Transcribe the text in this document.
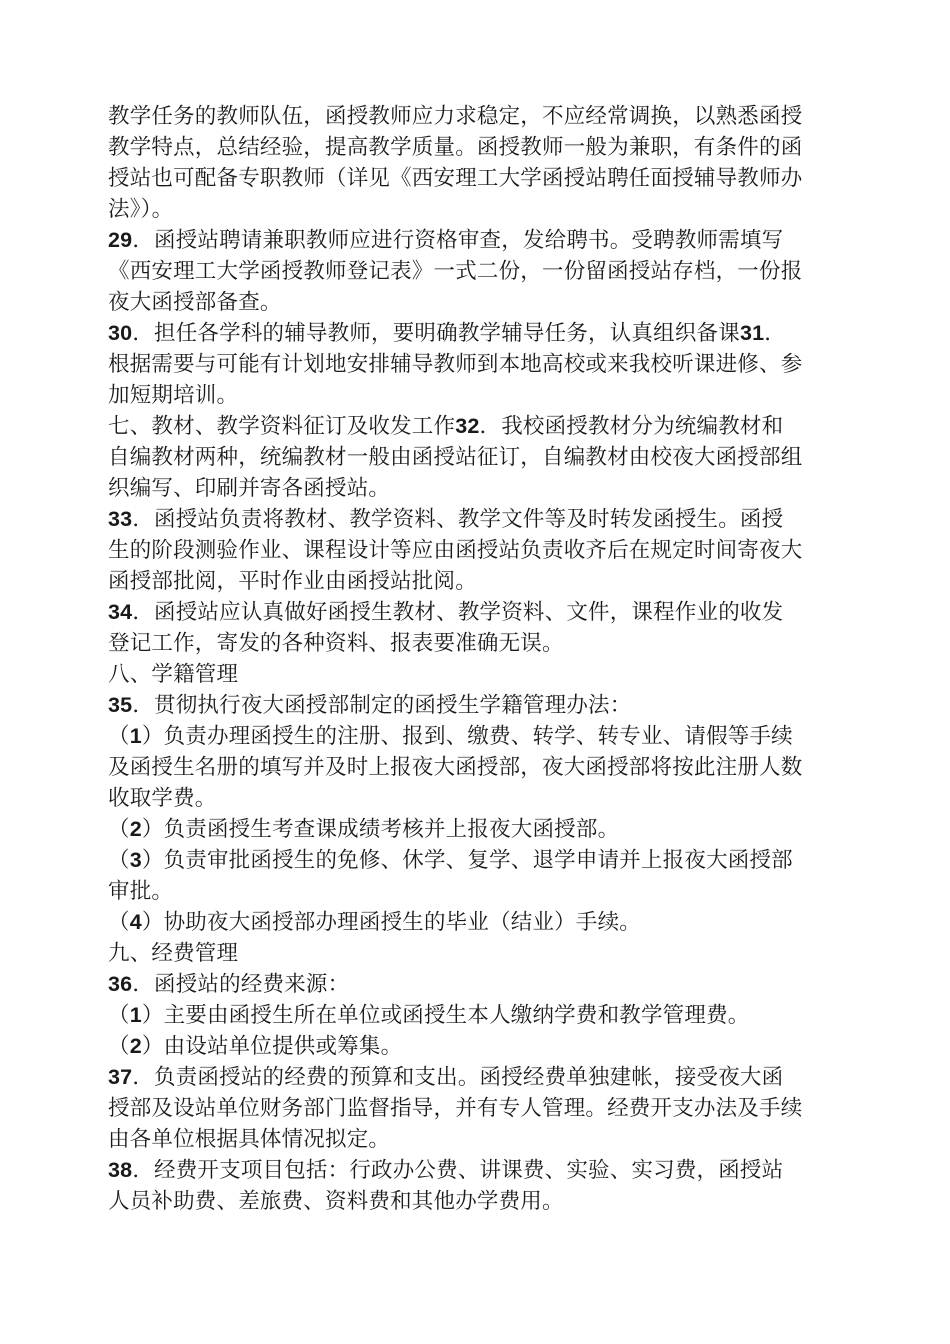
教学任务的教师队伍，函授教师应力求稳定，不应经常调换，以熟悉函授
教学特点，总结经验，提高教学质量。函授教师一般为兼职，有条件的函
授站也可配备专职教师（详见《西安理工大学函授站聘任面授辅导教师办
法》）。
29．函授站聘请兼职教师应进行资格审查，发给聘书。受聘教师需填写
《西安理工大学函授教师登记表》一式二份，一份留函授站存档，一份报
夜大函授部备查。
30．担任各学科的辅导教师，要明确教学辅导任务，认真组织备课31．
根据需要与可能有计划地安排辅导教师到本地高校或来我校听课进修、参
加短期培训。
七、教材、教学资料征订及收发工作32．我校函授教材分为统编教材和
自编教材两种，统编教材一般由函授站征订，自编教材由校夜大函授部组
织编写、印刷并寄各函授站。
33．函授站负责将教材、教学资料、教学文件等及时转发函授生。函授
生的阶段测验作业、课程设计等应由函授站负责收齐后在规定时间寄夜大
函授部批阅，平时作业由函授站批阅。
34．函授站应认真做好函授生教材、教学资料、文件，课程作业的收发
登记工作，寄发的各种资料、报表要准确无误。
八、学籍管理
35．贯彻执行夜大函授部制定的函授生学籍管理办法：
（1）负责办理函授生的注册、报到、缴费、转学、转专业、请假等手续
及函授生名册的填写并及时上报夜大函授部，夜大函授部将按此注册人数
收取学费。
（2）负责函授生考查课成绩考核并上报夜大函授部。
（3）负责审批函授生的免修、休学、复学、退学申请并上报夜大函授部
审批。
（4）协助夜大函授部办理函授生的毕业（结业）手续。
九、经费管理
36．函授站的经费来源：
（1）主要由函授生所在单位或函授生本人缴纳学费和教学管理费。
（2）由设站单位提供或筹集。
37．负责函授站的经费的预算和支出。函授经费单独建帐，接受夜大函
授部及设站单位财务部门监督指导，并有专人管理。经费开支办法及手续
由各单位根据具体情况拟定。
38．经费开支项目包括：行政办公费、讲课费、实验、实习费，函授站
人员补助费、差旅费、资料费和其他办学费用。
